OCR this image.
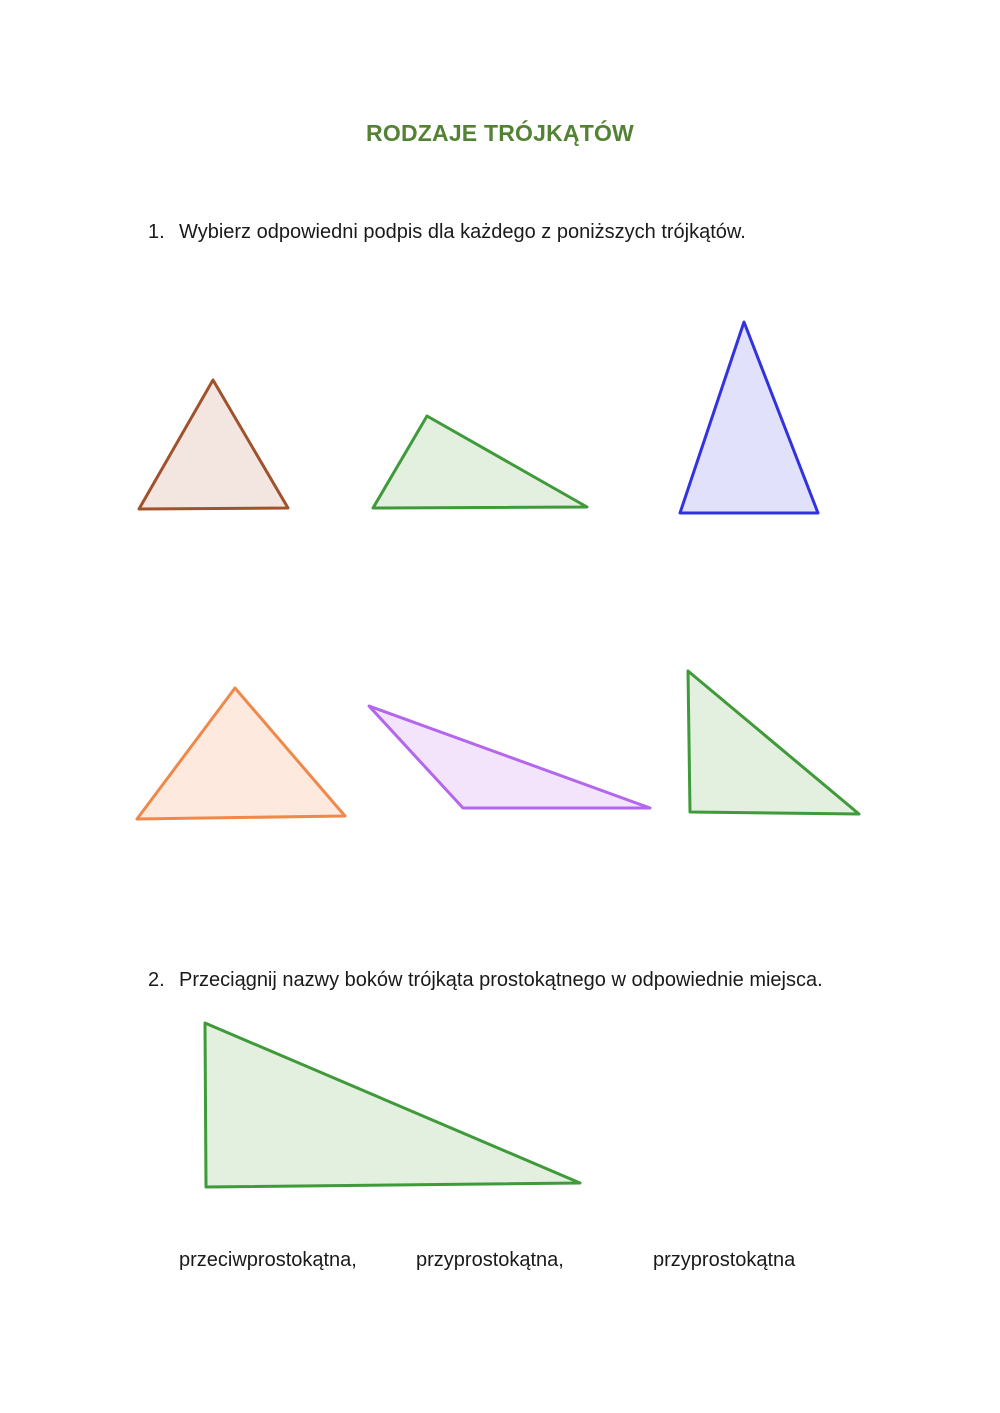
RODZAJE TRÓJKĄTÓW
1. Wybierz odpowiedni podpis dla każdego z poniższych trójkątów.
2. Przeciągnij nazwy boków trójkąta prostokątnego w odpowiednie miejsca.
przeciwprostokątna,	przyprostokątna,	przyprostokątna
